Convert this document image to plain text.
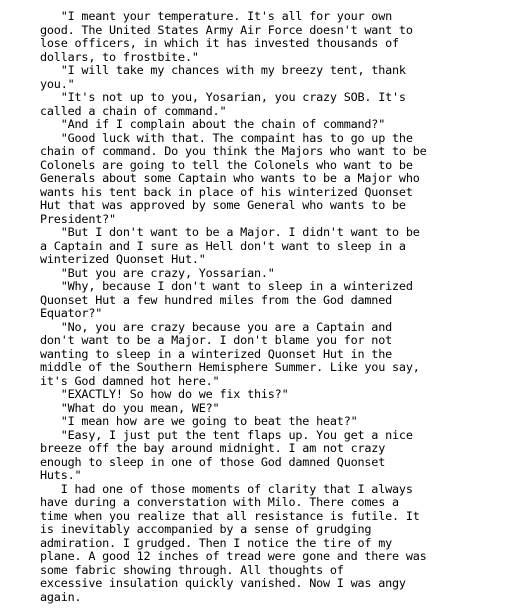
"I meant your temperature. It's all for your own
good. The United States Army Air Force doesn't want to
lose officers, in which it has invested thousands of
dollars, to frostbite."
"I will take my chances with my breezy tent, thank
you."
"It's not up to you, Yosarian, you crazy SOB. It's
called a chain of command."
"And if I complain about the chain of command?"
"Good luck with that. The compaint has to go up the
chain of command. Do you think the Majors who want to be
Colonels are going to tell the Colonels who want to be
Generals about some Captain who wants to be a Major who
wants his tent back in place of his winterized Quonset
Hut that was approved by some General who wants to be
President?"
"But I don't want to be a Major. I didn't want to be
a Captain and I sure as Hell don't want to sleep in a
winterized Quonset Hut."
"But you are crazy, Yossarian."
"Why, because I don't want to sleep in a winterized
Quonset Hut a few hundred miles from the God damned
Equator?"
"No, you are crazy because you are a Captain and
don't want to be a Major. I don't blame you for not
wanting to sleep in a winterized Quonset Hut in the
middle of the Southern Hemisphere Summer. Like you say,
it's God damned hot here."
"EXACTLY! So how do we fix this?"
"What do you mean, WE?"
"I mean how are we going to beat the heat?"
"Easy, I just put the tent flaps up. You get a nice
breeze off the bay around midnight. I am not crazy
enough to sleep in one of those God damned Quonset
Huts."
I had one of those moments of clarity that I always
have during a converstation with Milo. There comes a
time when you realize that all resistance is futile. It
is inevitably accompanied by a sense of grudging
admiration. I grudged. Then I notice the tire of my
plane. A good 12 inches of tread were gone and there was
some fabric showing through. All thoughts of
excessive insulation quickly vanished. Now I was angy
again.
